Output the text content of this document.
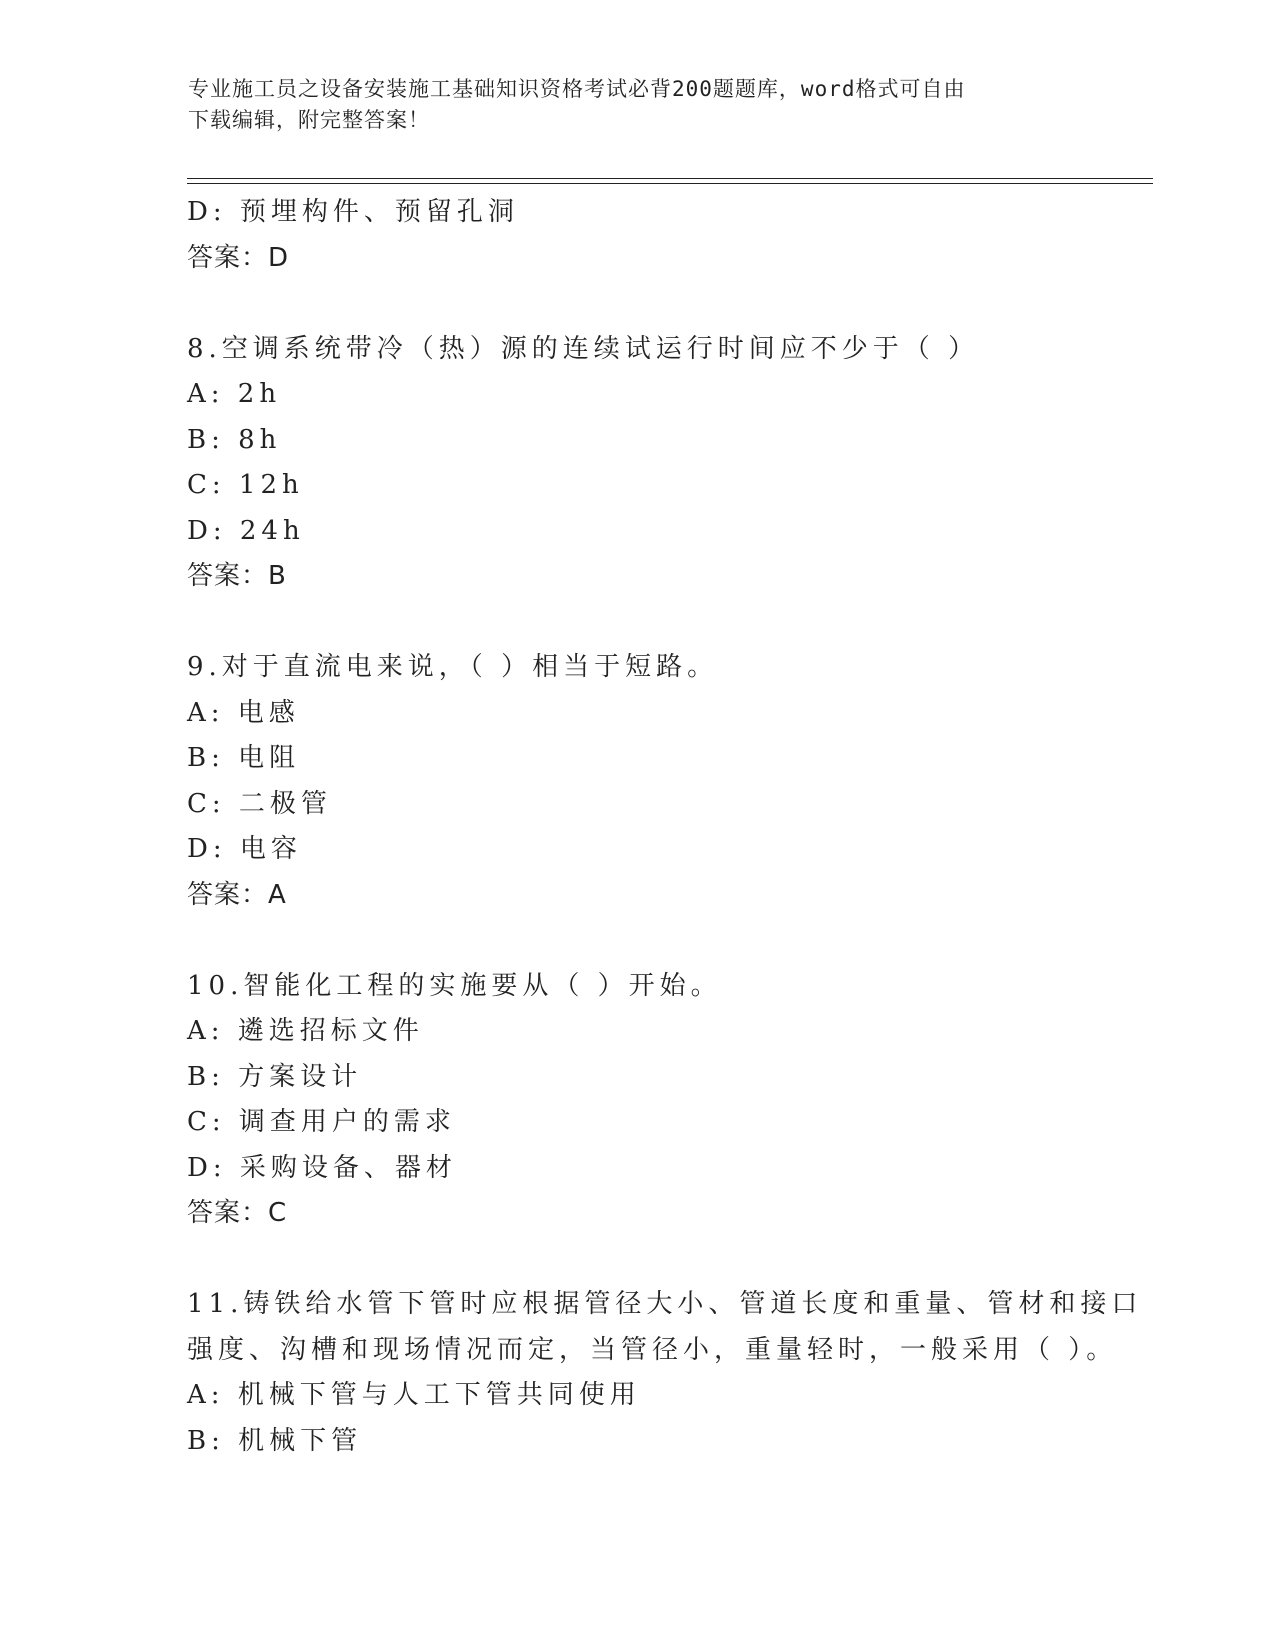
专业施工员之设备安装施工基础知识资格考试必背200题题库，word格式可自由
下载编辑，附完整答案！
D: 预埋构件、预留孔洞
答案：D
8.空调系统带冷（热）源的连续试运行时间应不少于（ ）
A: 2h
B: 8h
C: 12h
D: 24h
答案：B
9.对于直流电来说，（ ）相当于短路。
A: 电感
B: 电阻
C: 二极管
D: 电容
答案：A
10.智能化工程的实施要从（ ）开始。
A: 遴选招标文件
B: 方案设计
C: 调查用户的需求
D: 采购设备、器材
答案：C
11.铸铁给水管下管时应根据管径大小、管道长度和重量、管材和接口
强度、沟槽和现场情况而定，当管径小，重量轻时，一般采用（ ）。
A: 机械下管与人工下管共同使用
B: 机械下管
